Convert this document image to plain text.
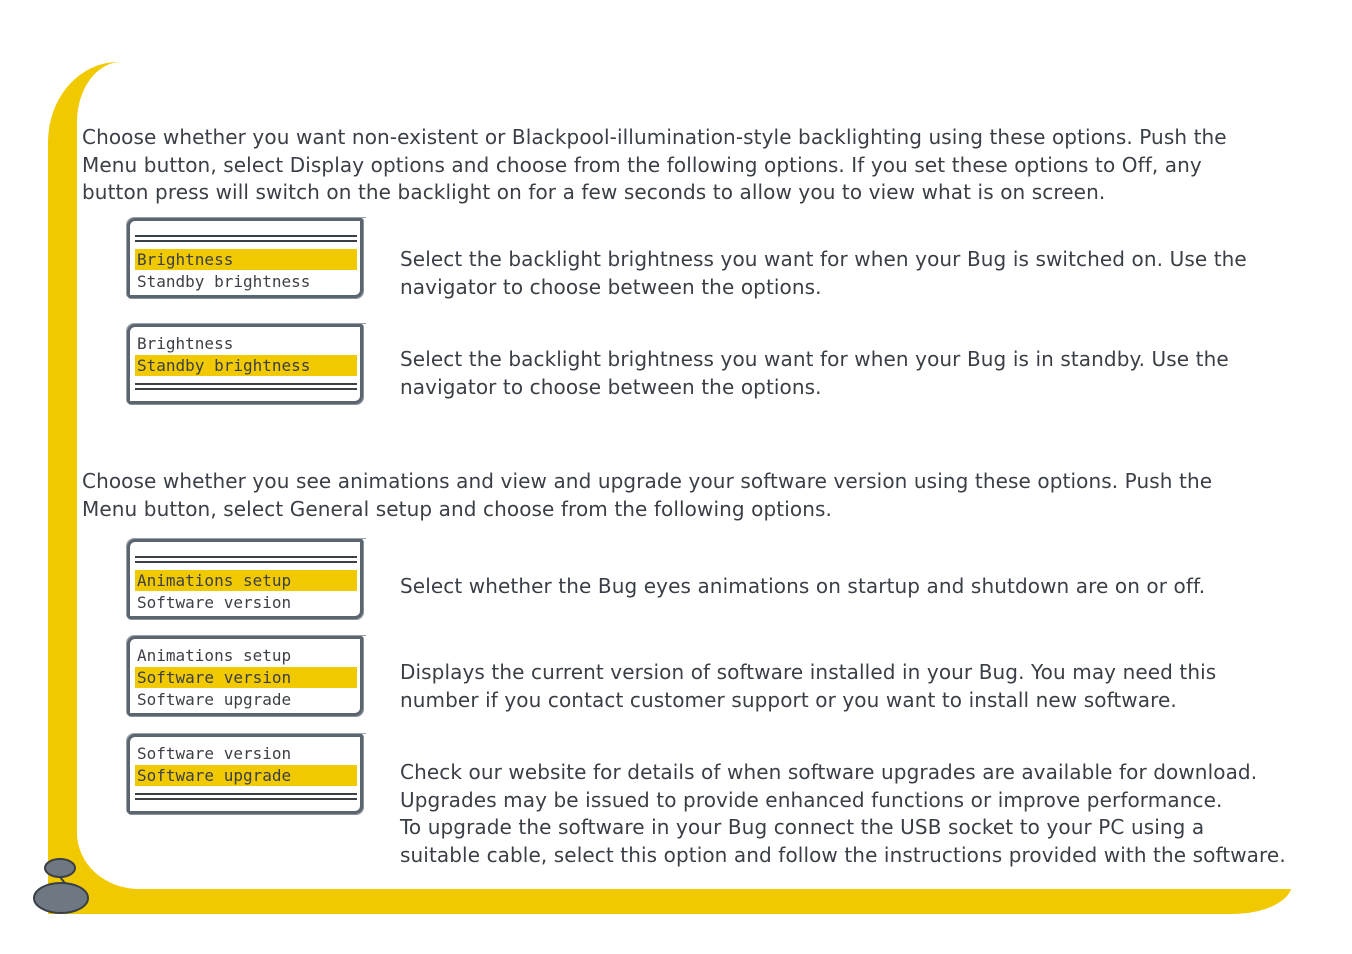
Choose whether you want non-existent or Blackpool-illumination-style backlighting using these options. Push the Menu button, select Display options and choose from the following options. If you set these options to Off, any button press will switch on the backlight on for a few seconds to allow you to view what is on screen.

Brightness
Standby brightness

Select the backlight brightness you want for when your Bug is switched on. Use the
navigator to choose between the options.

Brightness
Standby brightness	Select the backlight brightness you want for when your Bug is in standby. Use the
navigator to choose between the options.

Choose whether you see animations and view and upgrade your software version using these options. Push the Menu button, select General setup and choose from the following options.

Animations setup
Software version

Select whether the Bug eyes animations on startup and shutdown are on or off.

Animations setup
Software version
Software upgrade

Displays the current version of software installed in your Bug. You may need this
number if you contact customer support or you want to install new software.

Software version
Software upgrade	Check our website for details of when software upgrades are available for download.
Upgrades may be issued to provide enhanced functions or improve performance.
To upgrade the software in your Bug connect the USB socket to your PC using a
suitable cable, select this option and follow the instructions provided with the software.
